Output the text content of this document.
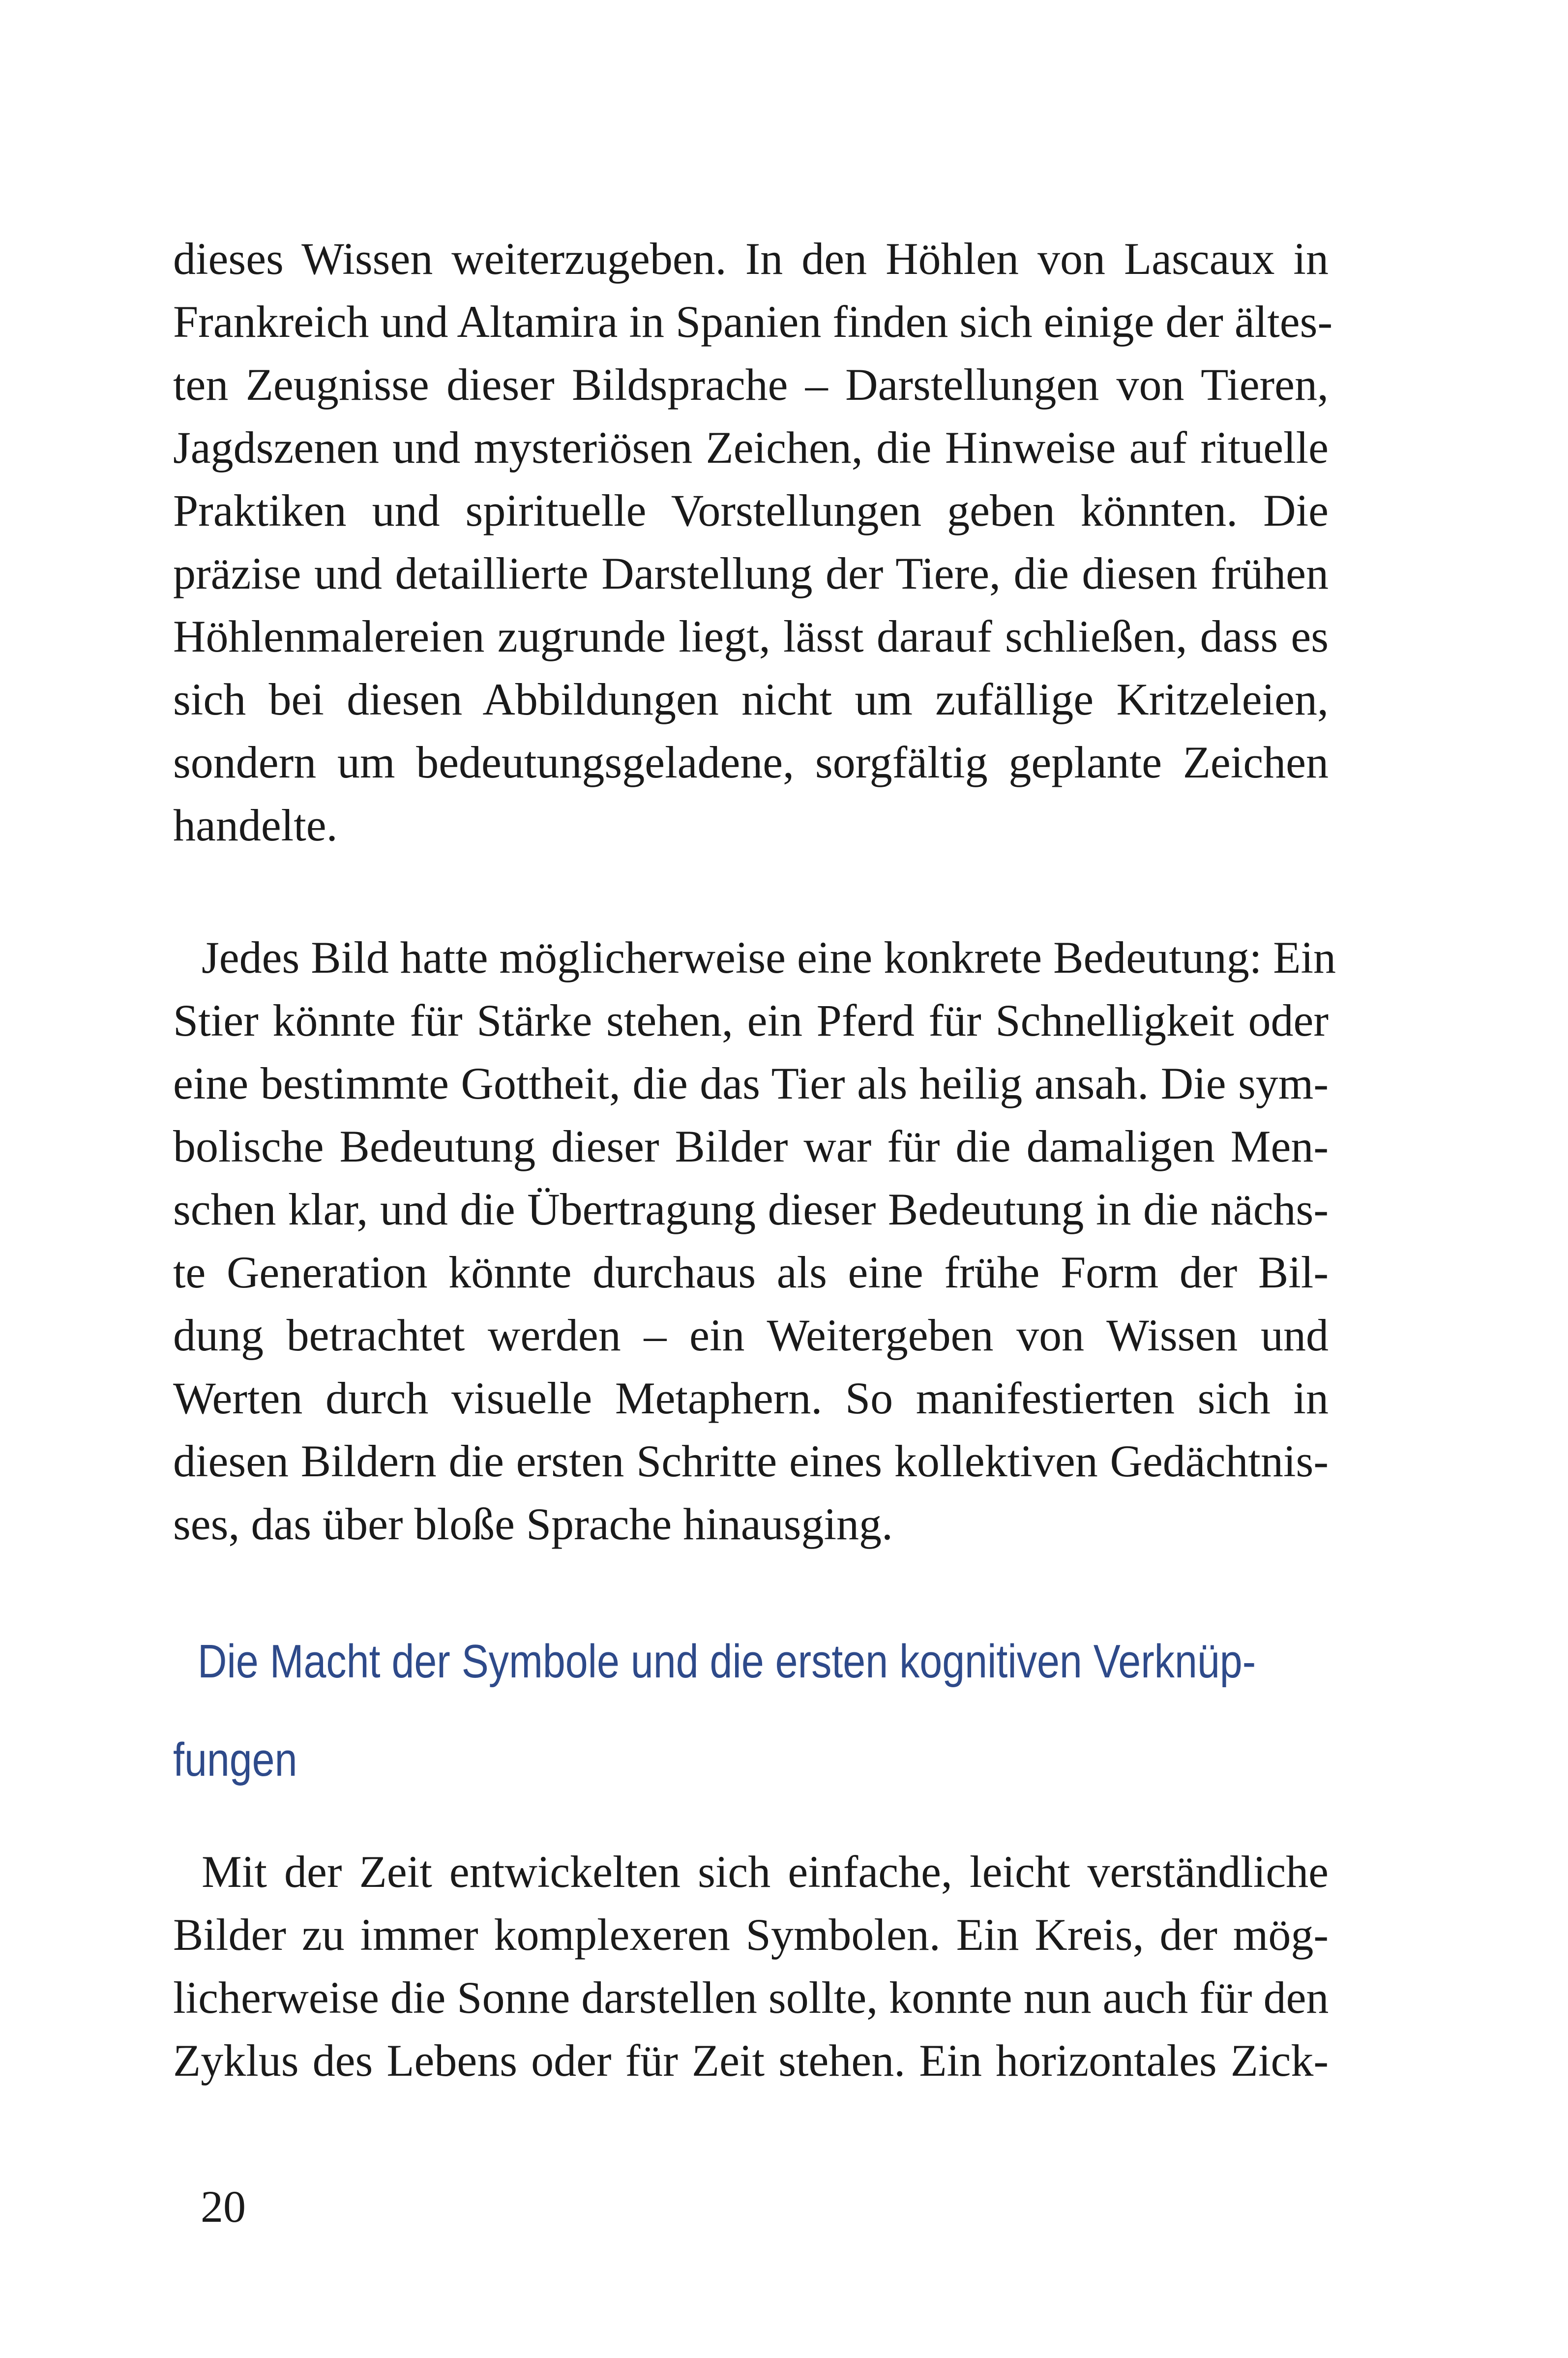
dieses Wissen weiterzugeben. In den Höhlen von Lascaux in
Frankreich und Altamira in Spanien finden sich einige der ältes-
ten Zeugnisse dieser Bildsprache – Darstellungen von Tieren,
Jagdszenen und mysteriösen Zeichen, die Hinweise auf rituelle
Praktiken und spirituelle Vorstellungen geben könnten. Die
präzise und detaillierte Darstellung der Tiere, die diesen frühen
Höhlenmalereien zugrunde liegt, lässt darauf schließen, dass es
sich bei diesen Abbildungen nicht um zufällige Kritzeleien,
sondern um bedeutungsgeladene, sorgfältig geplante Zeichen
handelte.
Jedes Bild hatte möglicherweise eine konkrete Bedeutung: Ein
Stier könnte für Stärke stehen, ein Pferd für Schnelligkeit oder
eine bestimmte Gottheit, die das Tier als heilig ansah. Die sym-
bolische Bedeutung dieser Bilder war für die damaligen Men-
schen klar, und die Übertragung dieser Bedeutung in die nächs-
te Generation könnte durchaus als eine frühe Form der Bil-
dung betrachtet werden – ein Weitergeben von Wissen und
Werten durch visuelle Metaphern. So manifestierten sich in
diesen Bildern die ersten Schritte eines kollektiven Gedächtnis-
ses, das über bloße Sprache hinausging.
Die Macht der Symbole und die ersten kognitiven Verknüp-
fungen
Mit der Zeit entwickelten sich einfache, leicht verständliche
Bilder zu immer komplexeren Symbolen. Ein Kreis, der mög-
licherweise die Sonne darstellen sollte, konnte nun auch für den
Zyklus des Lebens oder für Zeit stehen. Ein horizontales Zick-
20
